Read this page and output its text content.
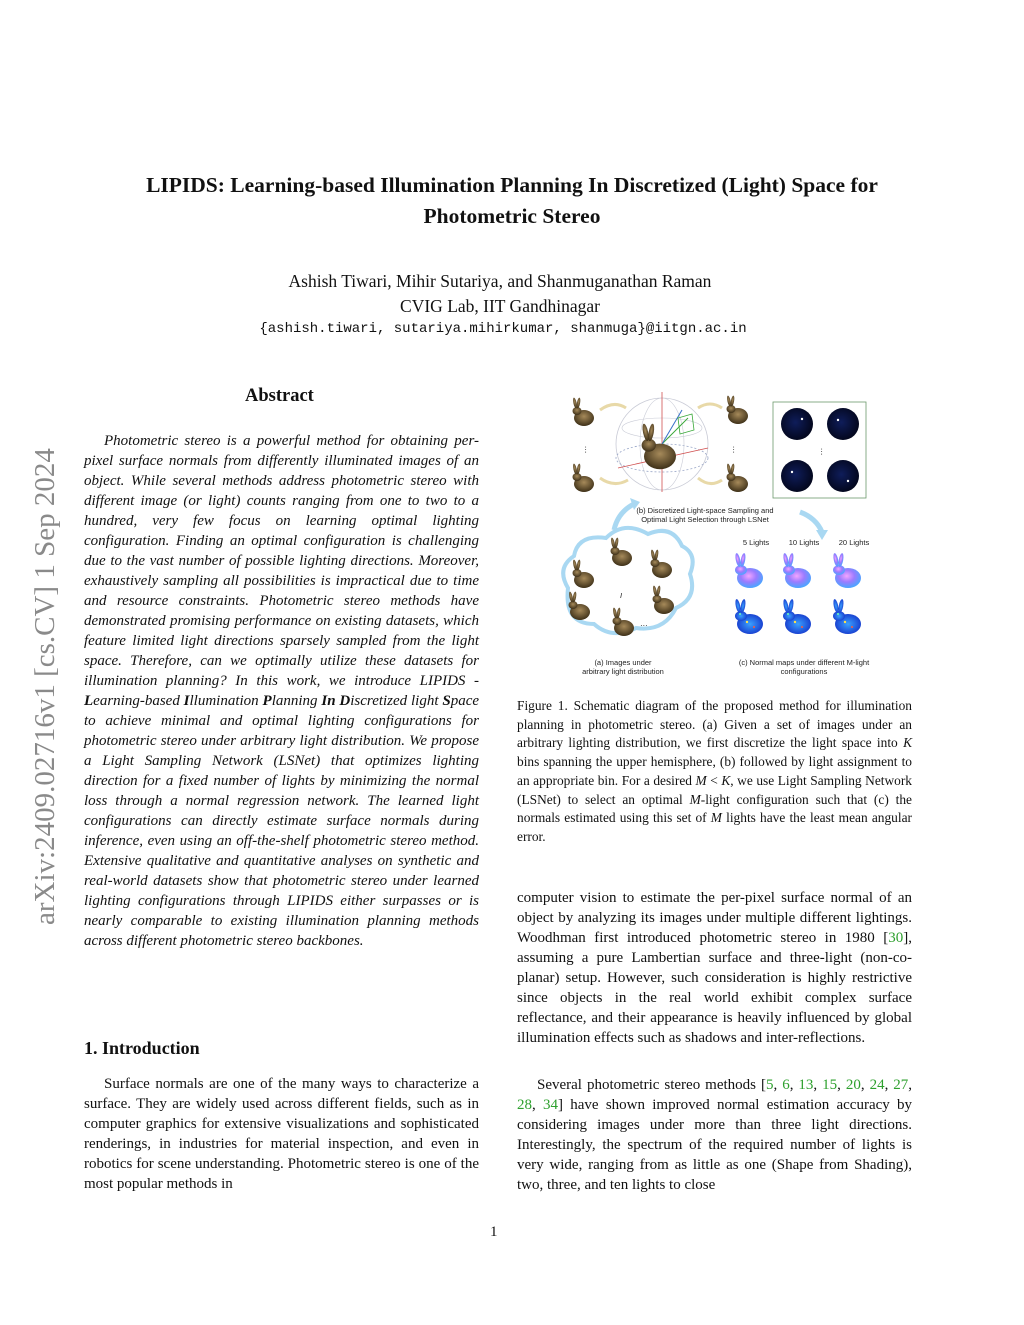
LIPIDS: Learning-based Illumination Planning In Discretized (Light) Space for
Photometric Stereo
Ashish Tiwari, Mihir Sutariya, and Shanmuganathan Raman
CVIG Lab, IIT Gandhinagar
{ashish.tiwari, sutariya.mihirkumar, shanmuga}@iitgn.ac.in
arXiv:2409.02716v1 [cs.CV] 1 Sep 2024
Abstract
Photometric stereo is a powerful method for obtaining per-pixel surface normals from differently illuminated images of an object. While several methods address photometric stereo with different image (or light) counts ranging from one to two to a hundred, very few focus on learning optimal lighting configuration. Finding an optimal configuration is challenging due to the vast number of possible lighting directions. Moreover, exhaustively sampling all possibilities is impractical due to time and resource constraints. Photometric stereo methods have demonstrated promising performance on existing datasets, which feature limited light directions sparsely sampled from the light space. Therefore, can we optimally utilize these datasets for illumination planning? In this work, we introduce LIPIDS - Learning-based Illumination Planning In Discretized light Space to achieve minimal and optimal lighting configurations for photometric stereo under arbitrary light distribution. We propose a Light Sampling Network (LSNet) that optimizes lighting direction for a fixed number of lights by minimizing the normal loss through a normal regression network. The learned light configurations can directly estimate surface normals during inference, even using an off-the-shelf photometric stereo method. Extensive qualitative and quantitative analyses on synthetic and real-world datasets show that photometric stereo under learned lighting configurations through LIPIDS either surpasses or is nearly comparable to existing illumination planning methods across different photometric stereo backbones.
1. Introduction
Surface normals are one of the many ways to characterize a surface. They are widely used across different fields, such as in computer graphics for extensive visualizations and sophisticated renderings, in industries for material inspection, and even in robotics for scene understanding. Photometric stereo is one of the most popular methods in
⋮	⋮	⋮
I
⋯
(b) Discretized Light-space Sampling and
Optimal Light Selection through LSNet
5 Lights	10 Lights	20 Lights
(a) Images under
arbitrary light distribution
(c) Normal maps under different M-light
configurations
Figure 1. Schematic diagram of the proposed method for illumination planning in photometric stereo. (a) Given a set of images under an arbitrary lighting distribution, we first discretize the light space into K bins spanning the upper hemisphere, (b) followed by light assignment to an appropriate bin. For a desired M < K, we use Light Sampling Network (LSNet) to select an optimal M-light configuration such that (c) the normals estimated using this set of M lights have the least mean angular error.
computer vision to estimate the per-pixel surface normal of an object by analyzing its images under multiple different lightings. Woodhman first introduced photometric stereo in 1980 [30], assuming a pure Lambertian surface and three-light (non-co-planar) setup. However, such consideration is highly restrictive since objects in the real world exhibit complex surface reflectance, and their appearance is heavily influenced by global illumination effects such as shadows and inter-reflections.
Several photometric stereo methods [5, 6, 13, 15, 20, 24, 27, 28, 34] have shown improved normal estimation accuracy by considering images under more than three light directions. Interestingly, the spectrum of the required number of lights is very wide, ranging from as little as one (Shape from Shading), two, three, and ten lights to close
1
